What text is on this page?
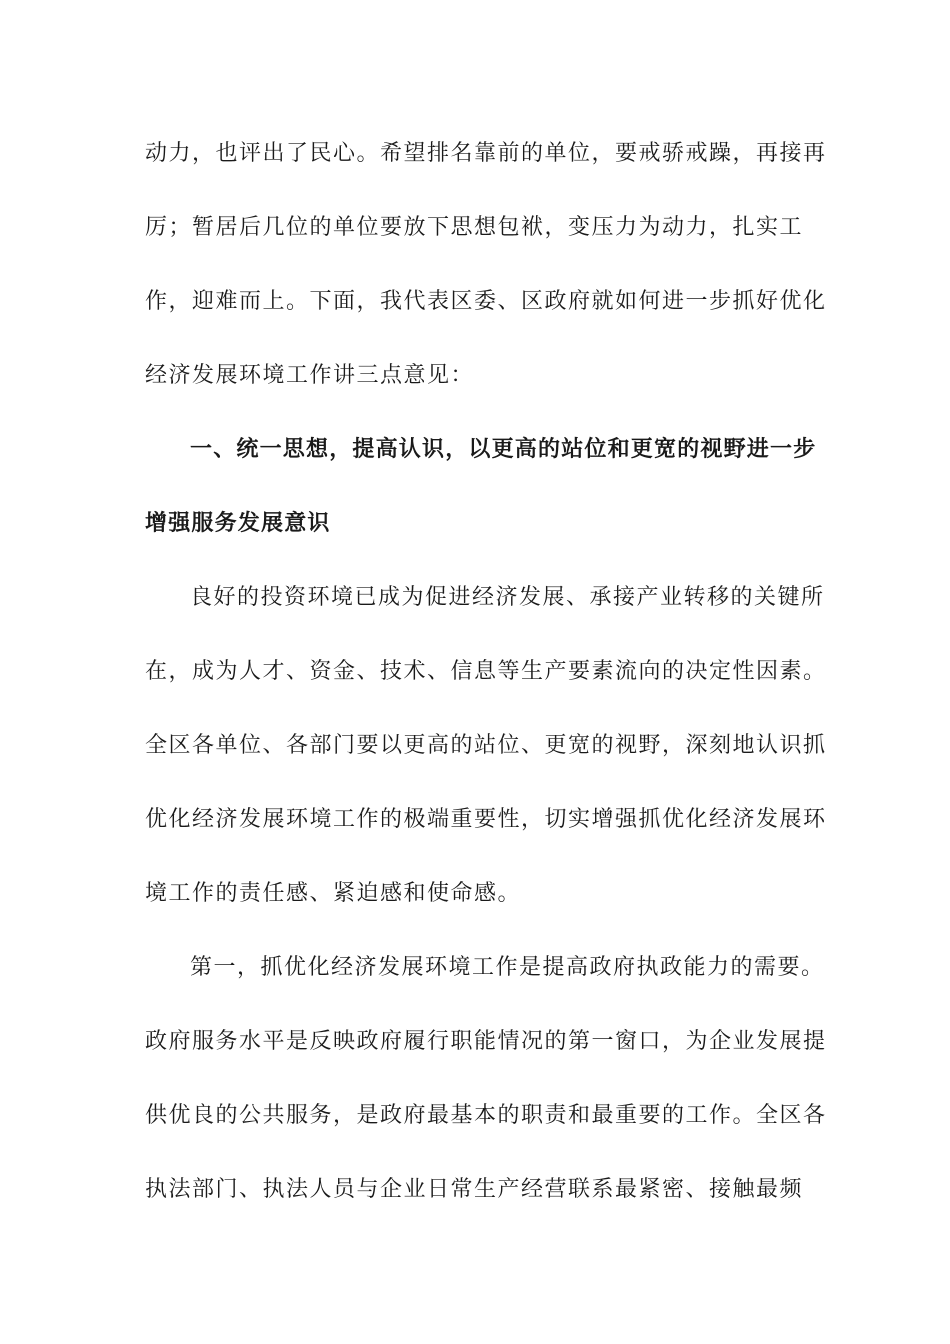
动力，也评出了民心。希望排名靠前的单位，要戒骄戒躁，再接再
厉；暂居后几位的单位要放下思想包袱，变压力为动力，扎实工
作，迎难而上。下面，我代表区委、区政府就如何进一步抓好优化
经济发展环境工作讲三点意见：
一、统一思想，提高认识，以更高的站位和更宽的视野进一步
增强服务发展意识
良好的投资环境已成为促进经济发展、承接产业转移的关键所
在，成为人才、资金、技术、信息等生产要素流向的决定性因素。
全区各单位、各部门要以更高的站位、更宽的视野，深刻地认识抓
优化经济发展环境工作的极端重要性，切实增强抓优化经济发展环
境工作的责任感、紧迫感和使命感。
第一，抓优化经济发展环境工作是提高政府执政能力的需要。
政府服务水平是反映政府履行职能情况的第一窗口，为企业发展提
供优良的公共服务，是政府最基本的职责和最重要的工作。全区各
执法部门、执法人员与企业日常生产经营联系最紧密、接触最频
